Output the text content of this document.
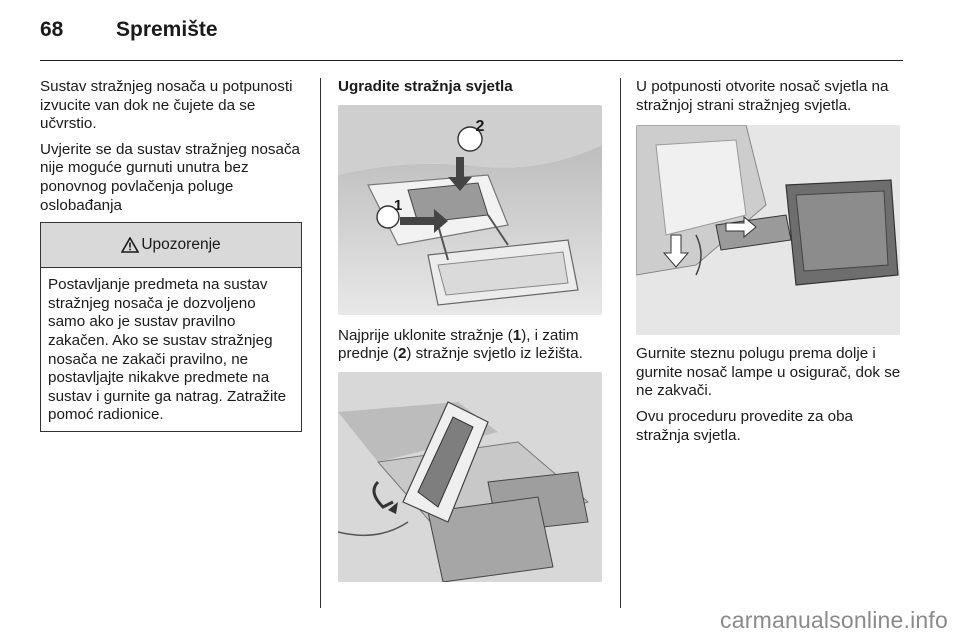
68	Spremište

Sustav stražnjeg nosača u potpunosti izvucite van dok ne čujete da se učvrstio.

Uvjerite se da sustav stražnjeg nosača nije moguće gurnuti unutra bez ponovnog povlačenja poluge oslobađanja

Upozorenje
Postavljanje predmeta na sustav stražnjeg nosača je dozvoljeno samo ako je sustav pravilno zakačen. Ako se sustav stražnjeg nosača ne zakači pravilno, ne postavljajte nikakve predmete na sustav i gurnite ga natrag. Zatražite pomoć radionice.
Ugradite stražnja svjetla
1
2

Najprije uklonite stražnje (1), i zatim prednje (2) stražnje svjetlo iz ležišta.

U potpunosti otvorite nosač svjetla na stražnjoj strani stražnjeg svjetla.

Gurnite steznu polugu prema dolje i gurnite nosač lampe u osigurač, dok se ne zakvači.

Ovu proceduru provedite za oba stražnja svjetla.

carmanualsonline.info
